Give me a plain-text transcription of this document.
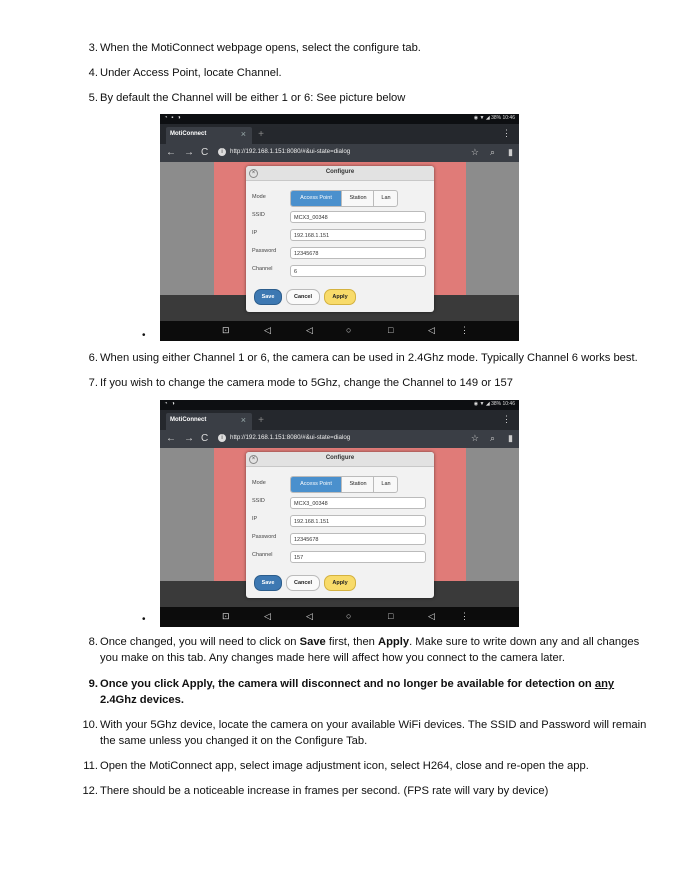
3. When the MotiConnect webpage opens, select the configure tab.
4. Under Access Point, locate Channel.
5. By default the Channel will be either 1 or 6: See picture below
◔ ▪ ◑	◉ ▼ ◢ 38% 10:46
MotiConnect	×	+	⋮
← → C	i	http://192.168.1.151:8080/#&ui-state=dialog	☆ ⌕ ▮
⊡	◁	◁	○	□	◁	⋮
×	Configure
Mode	Access Point	Station	Lan
SSID	MCX3_00348
IP	192.168.1.151
Password	12345678
Channel	6
Save	Cancel	Apply
•
6. When using either Channel 1 or 6, the camera can be used in 2.4Ghz mode. Typically Channel 6 works best.
7. If you wish to change the camera mode to 5Ghz, change the Channel to 149 or 157
◔ ◑	◉ ▼ ◢ 38% 10:46
MotiConnect	×	+	⋮
← → C	i	http://192.168.1.151:8080/#&ui-state=dialog	☆ ⌕ ▮
⊡	◁	◁	○	□	◁	⋮
×	Configure
Mode	Access Point	Station	Lan
SSID	MCX3_00348
IP	192.168.1.151
Password	12345678
Channel	157
Save	Cancel	Apply
•
8. Once changed, you will need to click on Save first, then Apply. Make sure to write down any and all changes you make on this tab. Any changes made here will affect how you connect to the camera later.
9. Once you click Apply, the camera will disconnect and no longer be available for detection on any 2.4Ghz devices.
10. With your 5Ghz device, locate the camera on your available WiFi devices. The SSID and Password will remain the same unless you changed it on the Configure Tab.
11. Open the MotiConnect app, select image adjustment icon, select H264, close and re-open the app.
12. There should be a noticeable increase in frames per second. (FPS rate will vary by device)
